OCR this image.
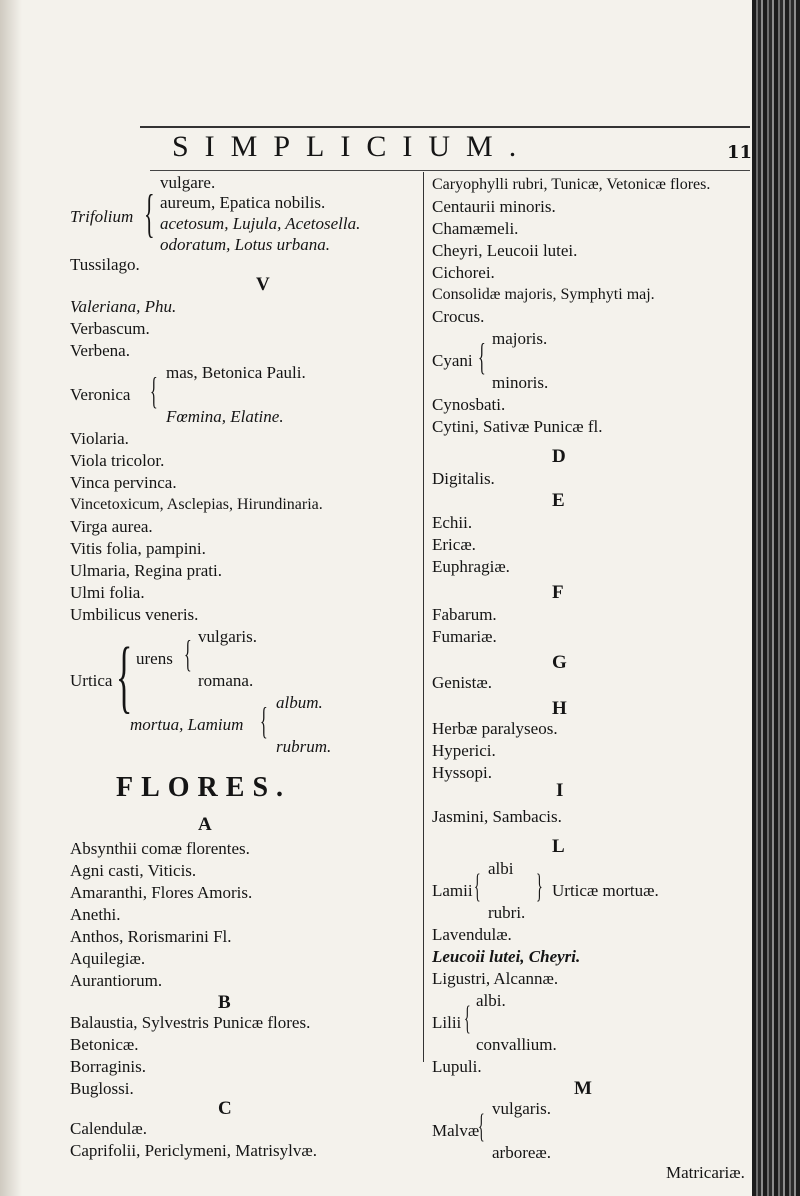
SIMPLICIUM.	11
Trifolium {
vulgare.
aureum, Epatica nobilis.
acetosum, Lujula, Acetosella.
odoratum, Lotus urbana.
Tussilago.
V
Valeriana, Phu.
Verbascum.
Verbena.
Veronica { mas, Betonica Pauli.
Fœmina, Elatine.
Violaria.
Viola tricolor.
Vinca pervinca.
Vincetoxicum, Asclepias, Hirundinaria.
Virga aurea.
Vitis folia, pampini.
Ulmaria, Regina prati.
Ulmi folia.
Umbilicus veneris.
Urtica { urens { vulgaris.
romana.
mortua, Lamium { album.
rubrum.
FLORES.
A
Absynthii comæ florentes.
Agni casti, Viticis.
Amaranthi, Flores Amoris.
Anethi.
Anthos, Rorismarini Fl.
Aquilegiæ.
Aurantiorum.
B
Balaustia, Sylvestris Punicæ flores.
Betonicæ.
Borraginis.
Buglossi.
C
Calendulæ.
Caprifolii, Periclymeni, Matrisylvæ.
Caryophylli rubri, Tunicæ, Vetonicæ flores.
Centaurii minoris.
Chamæmeli.
Cheyri, Leucoii lutei.
Cichorei.
Consolidæ majoris, Symphyti maj.
Crocus.
Cyani { majoris.
minoris.
Cynosbati.
Cytini, Sativæ Punicæ fl.
D
Digitalis.
E
Echii.
Ericæ.
Euphragiæ.
F
Fabarum.
Fumariæ.
G
Genistæ.
H
Herbæ paralyseos.
Hyperici.
Hyssopi.
I
Jasmini, Sambacis.
L
albi
Lamii {
rubri.
} Urticæ mortuæ.
Lavendulæ.
Leucoii lutei, Cheyri.
Ligustri, Alcannæ.
albi.
Lilii {
convallium.
Lupuli.
M
vulgaris.
Malvæ
{
arboreæ.
Matricariæ.
